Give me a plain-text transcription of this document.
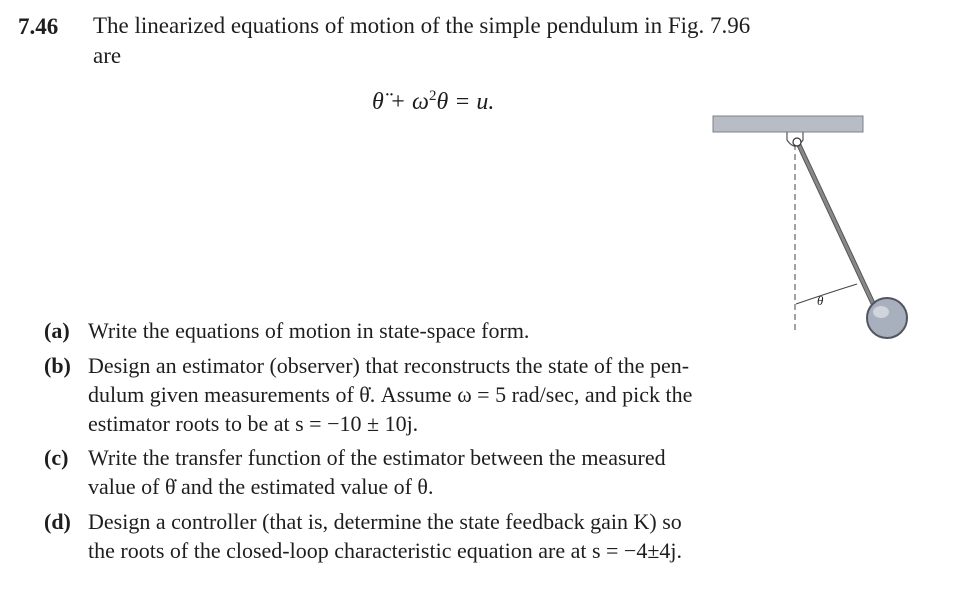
7.46 The linearized equations of motion of the simple pendulum in Fig. 7.96
are
θ̈ + $\omega^2\theta = u$.
(a) Write the equations of motion in state-space form.
(b) Design an estimator (observer) that reconstructs the state of the pen-
dulum given measurements of θ̇. Assume ω = 5 rad/sec, and pick the
estimator roots to be at s = −10 ± 10j.
(c) Write the transfer function of the estimator between the measured
value of θ̇ and the estimated value of θ.
(d) Design a controller (that is, determine the state feedback gain K) so
the roots of the closed-loop characteristic equation are at s = −4±4j.
θ
